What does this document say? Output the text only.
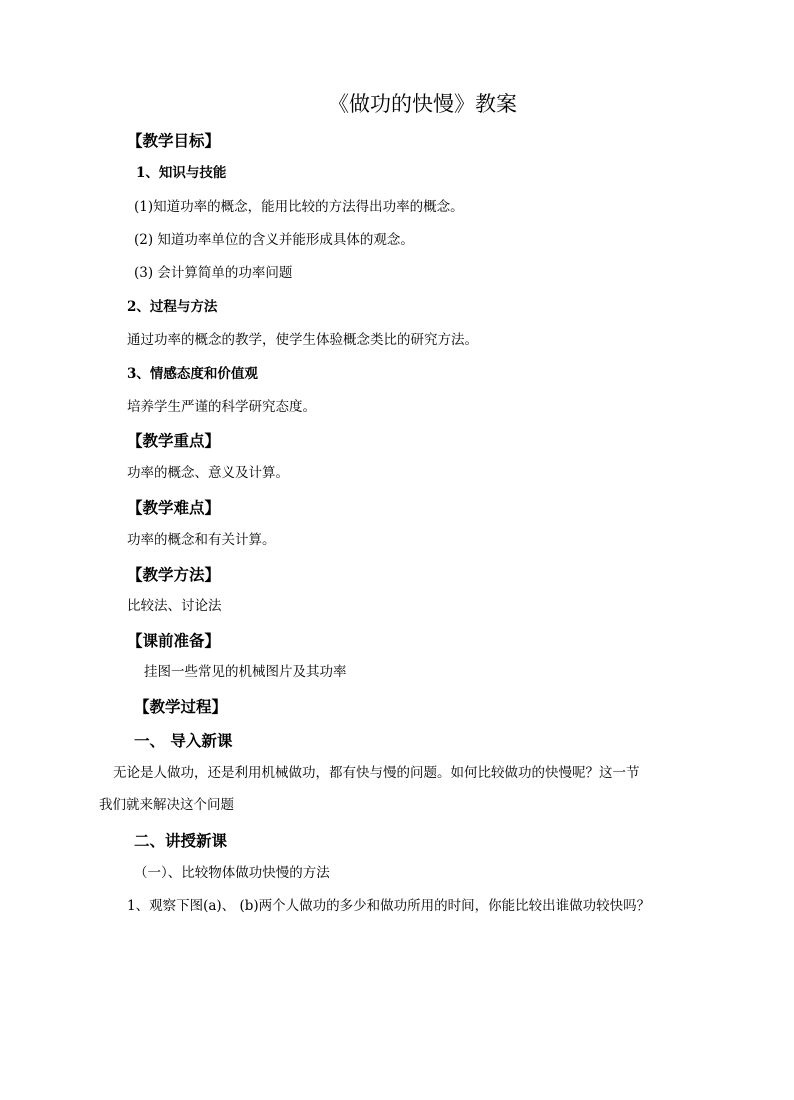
《做功的快慢》教案
【教学目标】
1、知识与技能
(1)知道功率的概念，能用比较的方法得出功率的概念。
(2) 知道功率单位的含义并能形成具体的观念。
(3) 会计算简单的功率问题
2、过程与方法
通过功率的概念的教学，使学生体验概念类比的研究方法。
3、情感态度和价值观
培养学生严谨的科学研究态度。
【教学重点】
功率的概念、意义及计算。
【教学难点】
功率的概念和有关计算。
【教学方法】
比较法、讨论法
【课前准备】
挂图一些常见的机械图片及其功率
【教学过程】
一、 导入新课
无论是人做功，还是利用机械做功，都有快与慢的问题。如何比较做功的快慢呢？这一节
我们就来解决这个问题
二、讲授新课
（一）、比较物体做功快慢的方法
1、观察下图(a)、 (b)两个人做功的多少和做功所用的时间，你能比较出谁做功较快吗？
